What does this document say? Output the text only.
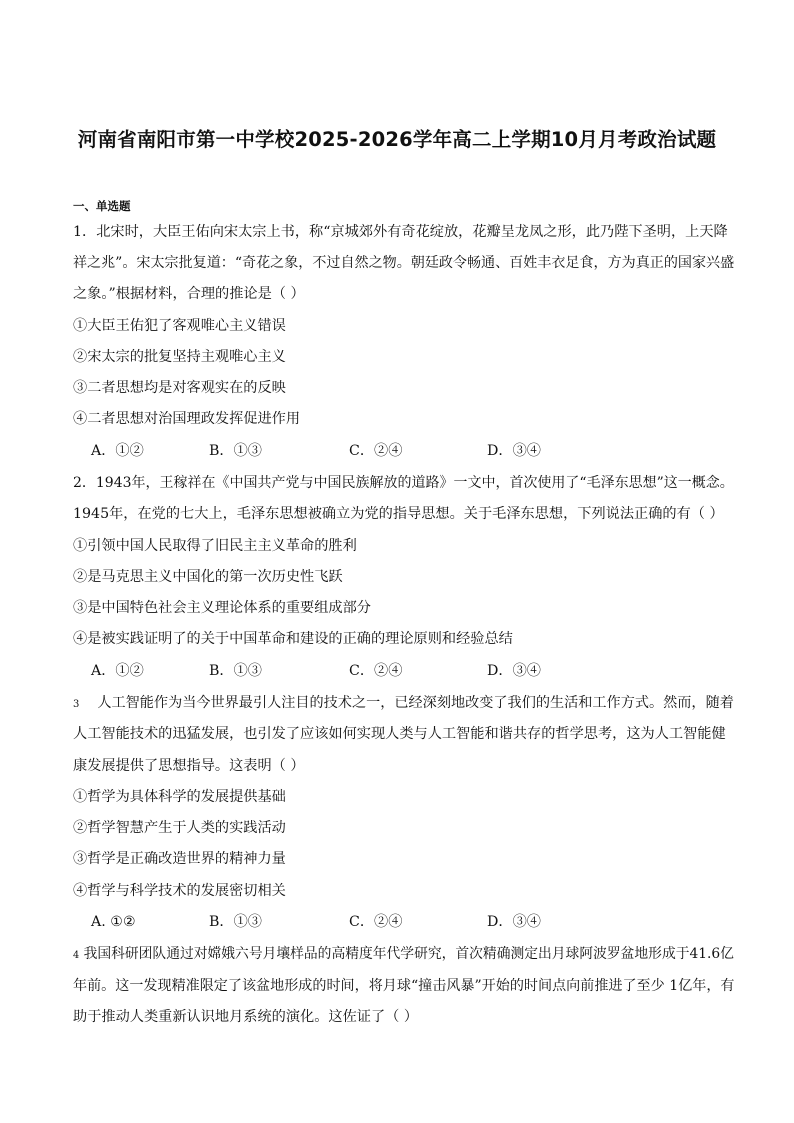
河南省南阳市第一中学校2025-2026学年高二上学期10月月考政治试题
一、单选题
1．北宋时，大臣王佑向宋太宗上书，称“京城郊外有奇花绽放，花瓣呈龙凤之形，此乃陛下圣明，上天降
祥之兆”。宋太宗批复道：“奇花之象，不过自然之物。朝廷政令畅通、百姓丰衣足食，方为真正的国家兴盛
之象。”根据材料，合理的推论是（ ）
①大臣王佑犯了客观唯心主义错误
②宋太宗的批复坚持主观唯心主义
③二者思想均是对客观实在的反映
④二者思想对治国理政发挥促进作用
A．①②	B．①③	C．②④	D．③④
2．1943年，王稼祥在《中国共产党与中国民族解放的道路》一文中，首次使用了“毛泽东思想”这一概念。
1945年，在党的七大上，毛泽东思想被确立为党的指导思想。关于毛泽东思想，下列说法正确的有（ ）
①引领中国人民取得了旧民主主义革命的胜利
②是马克思主义中国化的第一次历史性飞跃
③是中国特色社会主义理论体系的重要组成部分
④是被实践证明了的关于中国革命和建设的正确的理论原则和经验总结
A．①②	B．①③	C．②④	D．③④
3 人工智能作为当今世界最引人注目的技术之一，已经深刻地改变了我们的生活和工作方式。然而，随着
人工智能技术的迅猛发展，也引发了应该如何实现人类与人工智能和谐共存的哲学思考，这为人工智能健
康发展提供了思想指导。这表明（ ）
①哲学为具体科学的发展提供基础
②哲学智慧产生于人类的实践活动
③哲学是正确改造世界的精神力量
④哲学与科学技术的发展密切相关
A. ①②	B．①③	C．②④	D．③④
4 我国科研团队通过对嫦娥六号月壤样品的高精度年代学研究，首次精确测定出月球阿波罗盆地形成于41.6亿
年前。这一发现精准限定了该盆地形成的时间，将月球“撞击风暴”开始的时间点向前推进了至少 1亿年，有
助于推动人类重新认识地月系统的演化。这佐证了（ ）
